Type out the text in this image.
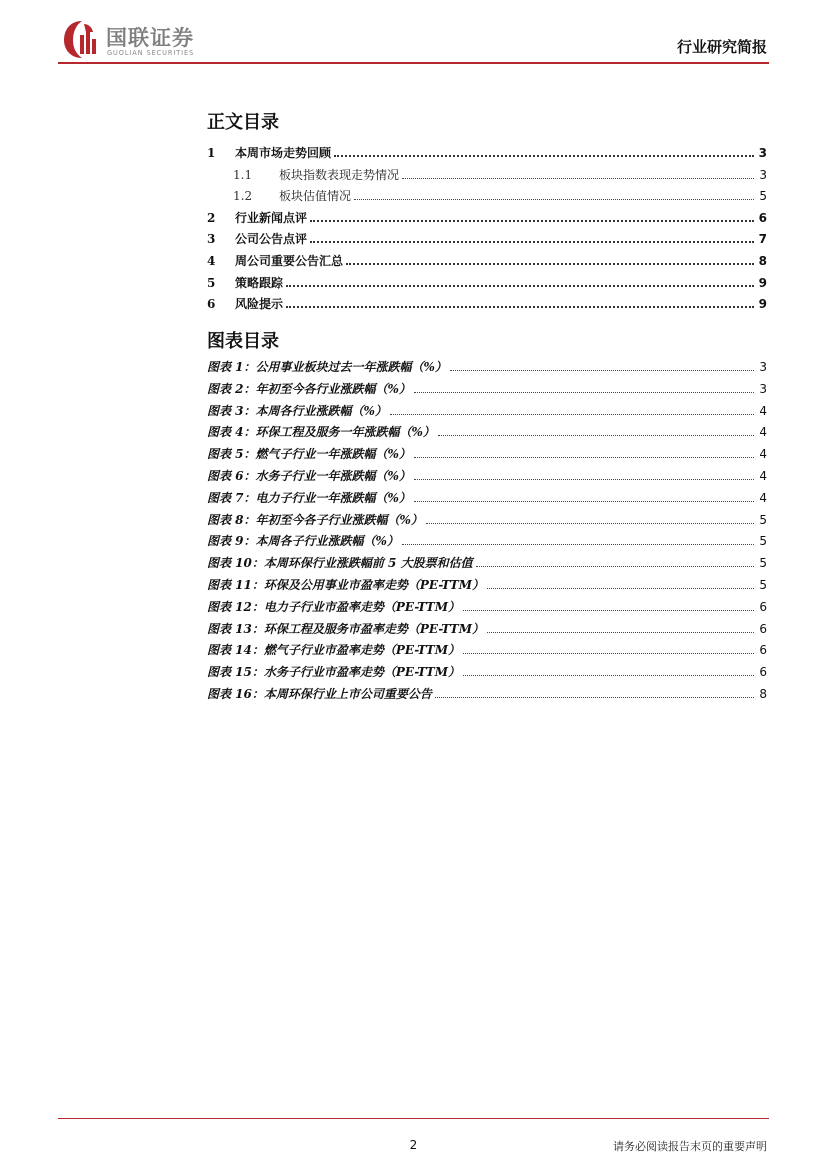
国联证券
GUOLIAN SECURITIES	行业研究简报
正文目录
1	本周市场走势回顾	3
1.1	板块指数表现走势情况	3
1.2	板块估值情况	5
2	行业新闻点评	6
3	公司公告点评	7
4	周公司重要公告汇总	8
5	策略跟踪	9
6	风险提示	9
图表目录
图表 1：公用事业板块过去一年涨跌幅（%）	3
图表 2：年初至今各行业涨跌幅（%）	3
图表 3：本周各行业涨跌幅（%）	4
图表 4：环保工程及服务一年涨跌幅（%）	4
图表 5：燃气子行业一年涨跌幅（%）	4
图表 6：水务子行业一年涨跌幅（%）	4
图表 7：电力子行业一年涨跌幅（%）	4
图表 8：年初至今各子行业涨跌幅（%）	5
图表 9：本周各子行业涨跌幅（%）	5
图表 10：本周环保行业涨跌幅前 5 大股票和估值	5
图表 11：环保及公用事业市盈率走势（PE-TTM）	5
图表 12：电力子行业市盈率走势（PE-TTM）	6
图表 13：环保工程及服务市盈率走势（PE-TTM）	6
图表 14：燃气子行业市盈率走势（PE-TTM）	6
图表 15：水务子行业市盈率走势（PE-TTM）	6
图表 16：本周环保行业上市公司重要公告	8
2	请务必阅读报告末页的重要声明
